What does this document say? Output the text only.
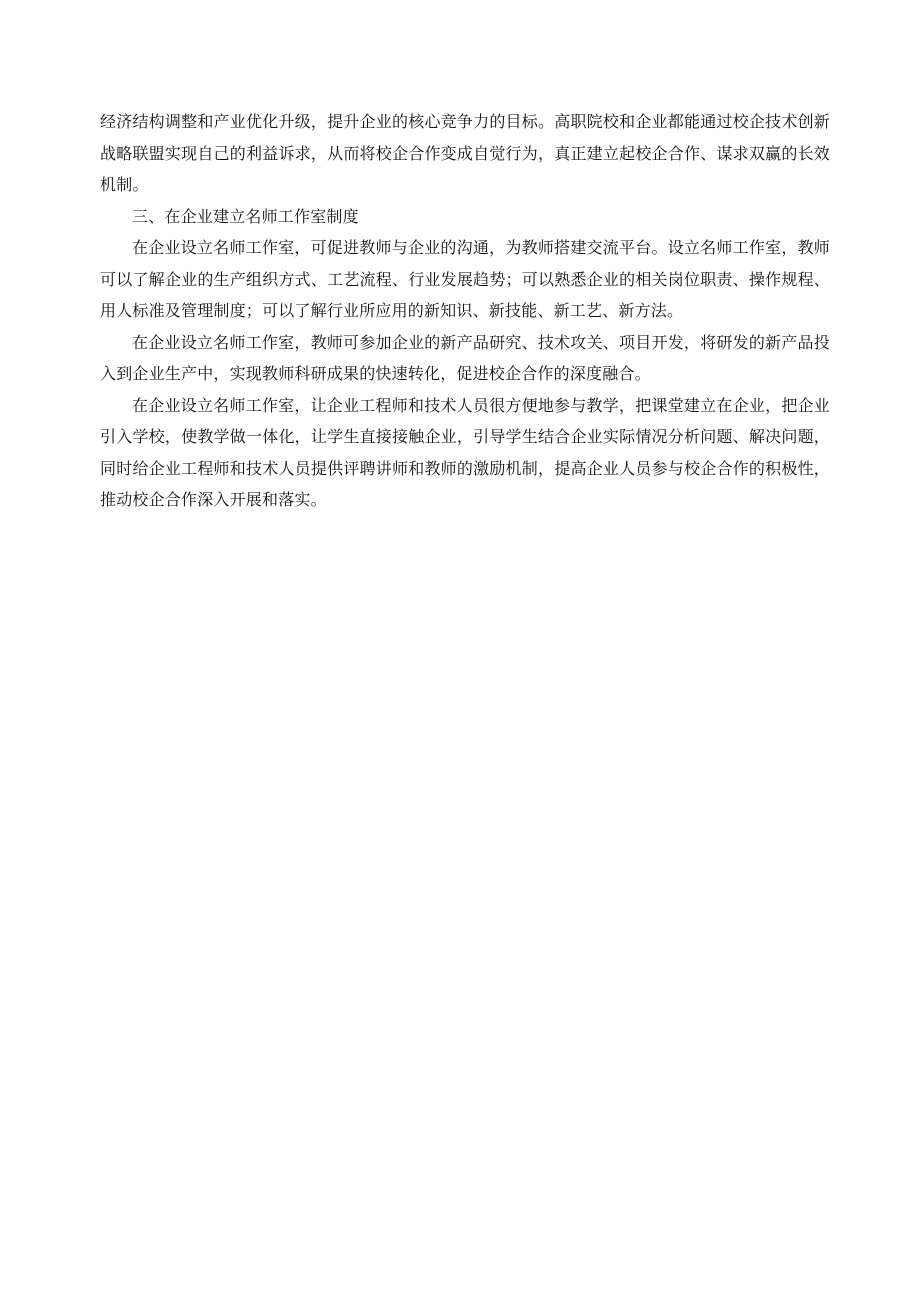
经济结构调整和产业优化升级，提升企业的核心竞争力的目标。高职院校和企业都能通过校企技术创新战略联盟实现自己的利益诉求，从而将校企合作变成自觉行为，真正建立起校企合作、谋求双赢的长效机制。

三、在企业建立名师工作室制度

在企业设立名师工作室，可促进教师与企业的沟通，为教师搭建交流平台。设立名师工作室，教师可以了解企业的生产组织方式、工艺流程、行业发展趋势；可以熟悉企业的相关岗位职责、操作规程、用人标准及管理制度；可以了解行业所应用的新知识、新技能、新工艺、新方法。

在企业设立名师工作室，教师可参加企业的新产品研究、技术攻关、项目开发，将研发的新产品投入到企业生产中，实现教师科研成果的快速转化，促进校企合作的深度融合。

在企业设立名师工作室，让企业工程师和技术人员很方便地参与教学，把课堂建立在企业，把企业引入学校，使教学做一体化，让学生直接接触企业，引导学生结合企业实际情况分析问题、解决问题，同时给企业工程师和技术人员提供评聘讲师和教师的激励机制，提高企业人员参与校企合作的积极性，推动校企合作深入开展和落实。
